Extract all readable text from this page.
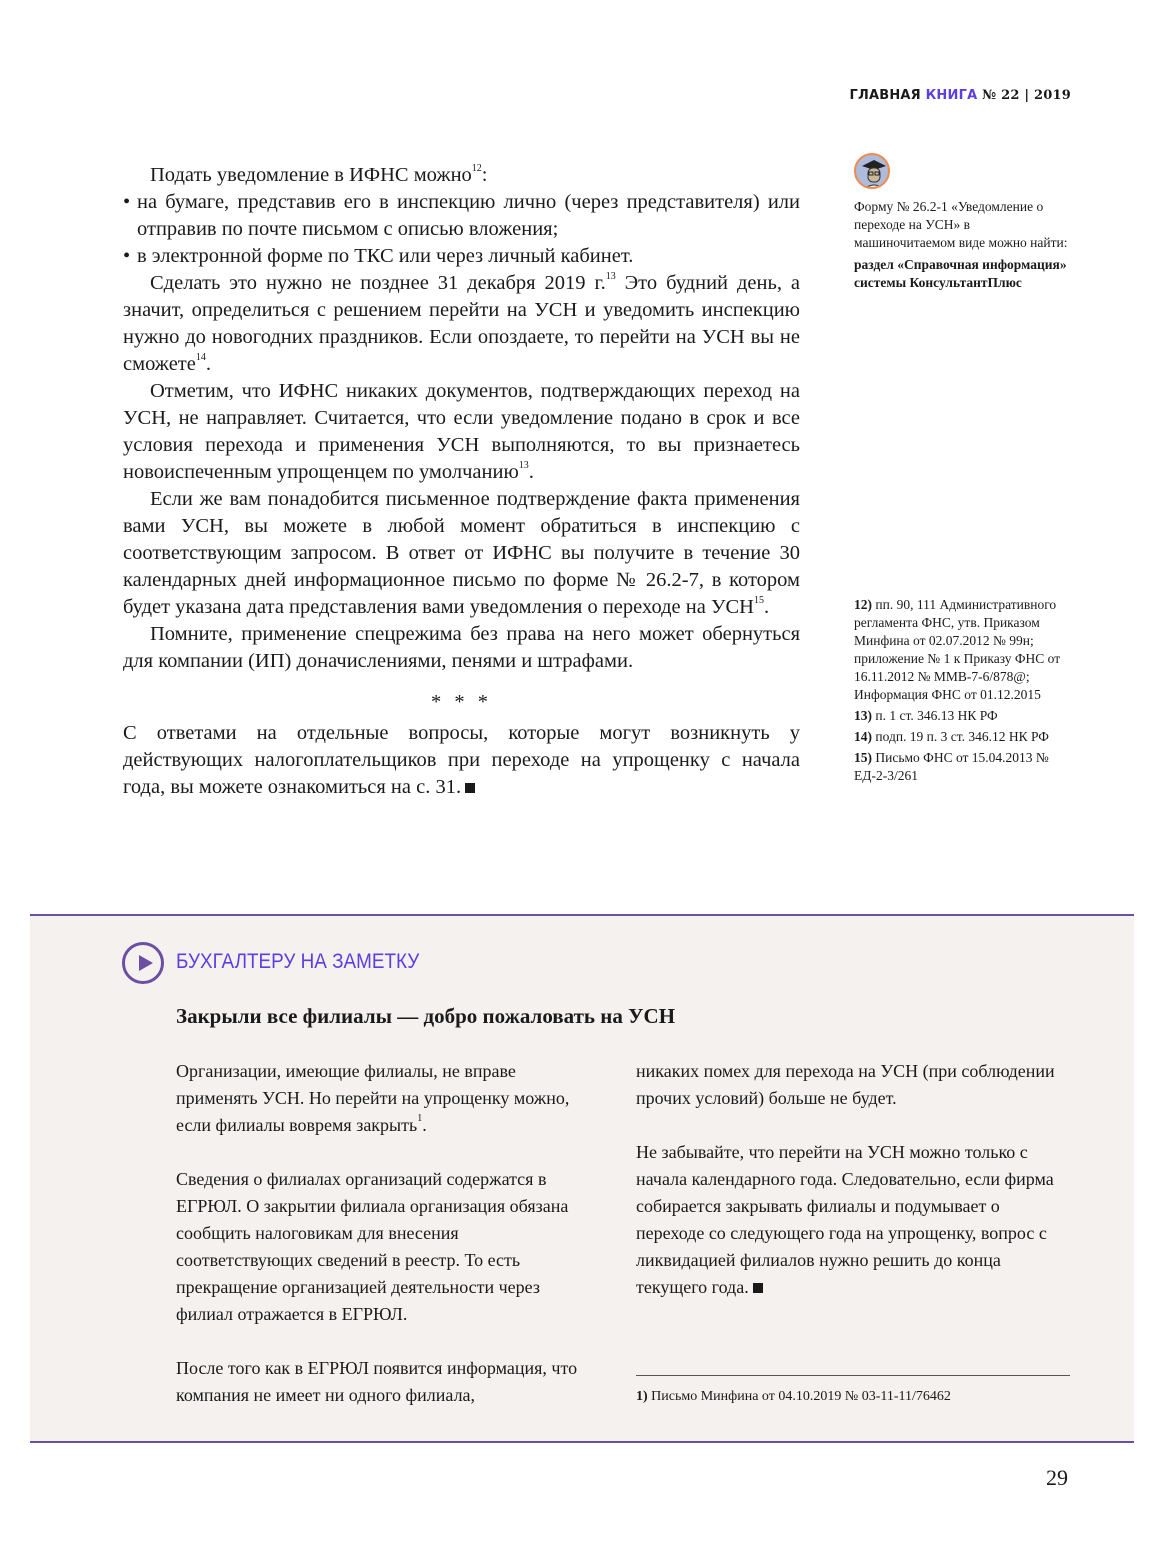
ГЛАВНАЯ КНИГА № 22 | 2019

Подать уведомление в ИФНС можно$^{12}$:

• на бумаге, представив его в инспекцию лично (через представителя) или отправив по почте письмом с описью вложения;
• в электронной форме по ТКС или через личный кабинет.

Сделать это нужно не позднее 31 декабря 2019 г.$^{13}$ Это будний день, а значит, определиться с решением перейти на УСН и уведомить инспекцию нужно до новогодних праздников. Если опоздаете, то перейти на УСН вы не сможете$^{14}$.

Отметим, что ИФНС никаких документов, подтверждающих переход на УСН, не направляет. Считается, что если уведомление подано в срок и все условия перехода и применения УСН выполняются, то вы признаетесь новоиспеченным упрощенцем по умолчанию$^{13}$.

Если же вам понадобится письменное подтверждение факта применения вами УСН, вы можете в любой момент обратиться в инспекцию с соответствующим запросом. В ответ от ИФНС вы получите в течение 30 календарных дней информационное письмо по форме № 26.2-7, в котором будет указана дата представления вами уведомления о переходе на УСН$^{15}$.

Помните, применение спецрежима без права на него может обернуться для компании (ИП) доначислениями, пенями и штрафами.

* * *

С ответами на отдельные вопросы, которые могут возникнуть у действующих налогоплательщиков при переходе на упрощенку с начала года, вы можете ознакомиться на с. 31.

Форму № 26.2-1 «Уведомление о переходе на УСН» в машиночитаемом виде можно найти:
раздел «Справочная информация» системы КонсультантПлюс
12) пп. 90, 111 Административного регламента ФНС, утв. Приказом Минфина от 02.07.2012 № 99н; приложение № 1 к Приказу ФНС от 16.11.2012 № ММВ-7-6/878@; Информация ФНС от 01.12.2015
13) п. 1 ст. 346.13 НК РФ
14) подп. 19 п. 3 ст. 346.12 НК РФ
15) Письмо ФНС от 15.04.2013 № ЕД-2-3/261
БУХГАЛТЕРУ НА ЗАМЕТКУ
Закрыли все филиалы — добро пожаловать на УСН

Организации, имеющие филиалы, не вправе применять УСН. Но перейти на упрощенку можно, если филиалы вовремя закрыть$^1$.

Сведения о филиалах организаций содержатся в ЕГРЮЛ. О закрытии филиала организация обязана сообщить налоговикам для внесения соответствующих сведений в реестр. То есть прекращение организацией деятельности через филиал отражается в ЕГРЮЛ.

После того как в ЕГРЮЛ появится информация, что компания не имеет ни одного филиала,

никаких помех для перехода на УСН (при соблюдении прочих условий) больше не будет.

Не забывайте, что перейти на УСН можно только с начала календарного года. Следовательно, если фирма собирается закрывать филиалы и подумывает о переходе со следующего года на упрощенку, вопрос с ликвидацией филиалов нужно решить до конца текущего года.

1) Письмо Минфина от 04.10.2019 № 03-11-11/76462
29
